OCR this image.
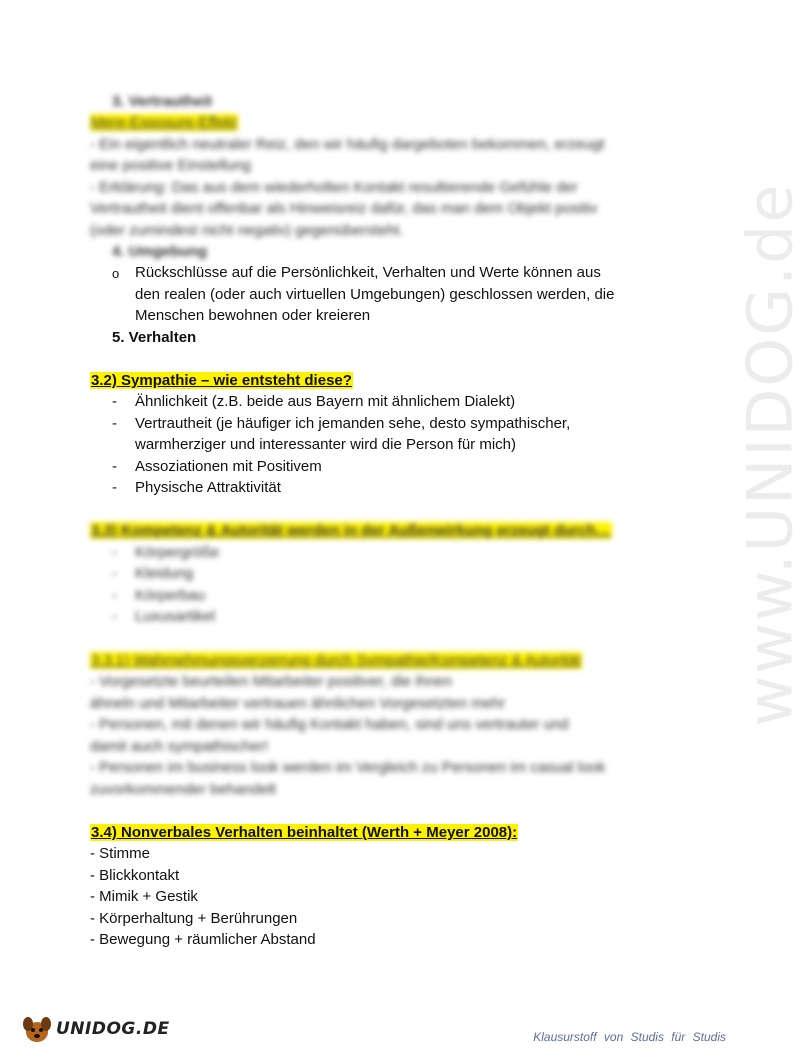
www.UNIDOG.de
3. Vertrautheit
Mere-Exposure-Effekt
- Ein eigentlich neutraler Reiz, den wir häufig dargeboten bekommen, erzeugt
eine positive Einstellung
- Erklärung: Das aus dem wiederholten Kontakt resultierende Gefühle der
Vertrautheit dient offenbar als Hinweisreiz dafür, das man dem Objekt positiv
(oder zumindest nicht negativ) gegenübersteht.
4. Umgebung
o Rückschlüsse auf die Persönlichkeit, Verhalten und Werte können aus
den realen (oder auch virtuellen Umgebungen) geschlossen werden, die
Menschen bewohnen oder kreieren
5. Verhalten
3.2) Sympathie – wie entsteht diese?
- Ähnlichkeit (z.B. beide aus Bayern mit ähnlichem Dialekt)
- Vertrautheit (je häufiger ich jemanden sehe, desto sympathischer,
warmherziger und interessanter wird die Person für mich)
- Assoziationen mit Positivem
- Physische Attraktivität
3.3) Kompetenz & Autorität werden in der Außenwirkung erzeugt durch…
- Körpergröße
- Kleidung
- Körperbau
- Luxusartikel
3.3.1) Wahrnehmungsverzerrung durch Sympathie/Kompetenz & Autorität
- Vorgesetzte beurteilen Mitarbeiter positiver, die ihnen
ähneln und Mitarbeiter vertrauen ähnlichen Vorgesetzten mehr
- Personen, mit denen wir häufig Kontakt haben, sind uns vertrauter und
damit auch sympathischer!
- Personen im business look werden im Vergleich zu Personen im casual look
zuvorkommender behandelt
3.4) Nonverbales Verhalten beinhaltet (Werth + Meyer 2008):
- Stimme
- Blickkontakt
- Mimik + Gestik
- Körperhaltung + Berührungen
- Bewegung + räumlicher Abstand
UNIDOG.DE	Klausurstoff von Studis für Studis
